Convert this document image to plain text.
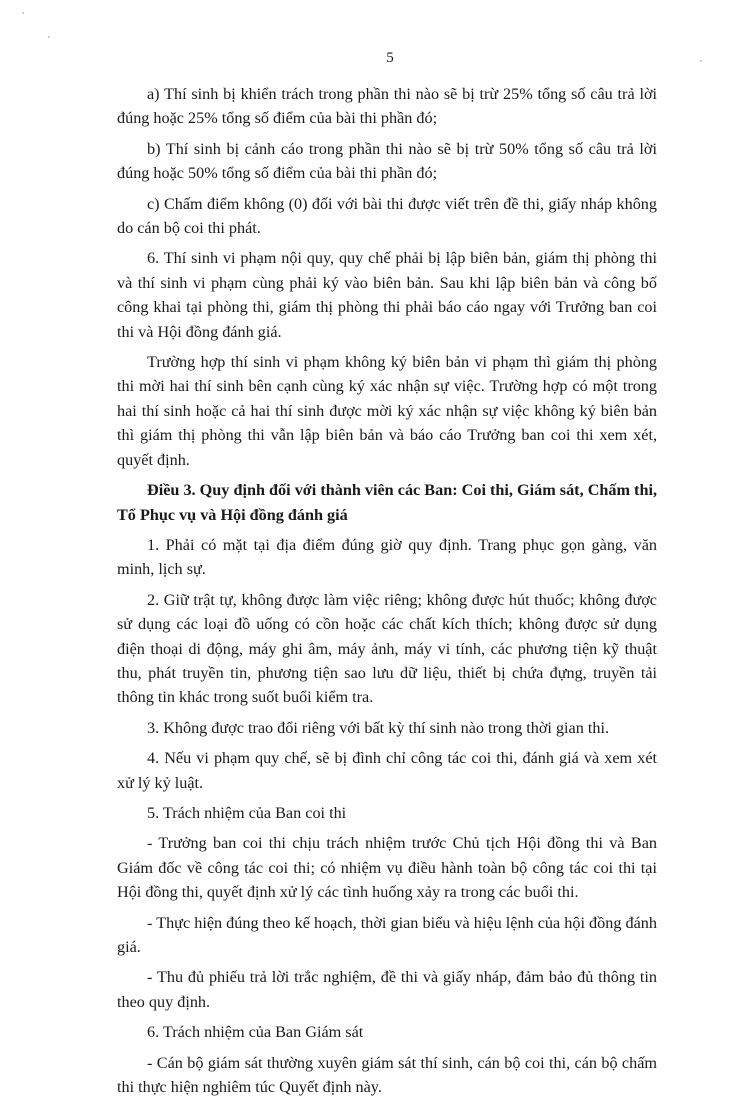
5

a) Thí sinh bị khiển trách trong phần thi nào sẽ bị trừ 25% tổng số câu trả lời đúng hoặc 25% tổng số điểm của bài thi phần đó;

b) Thí sinh bị cảnh cáo trong phần thi nào sẽ bị trừ 50% tổng số câu trả lời đúng hoặc 50% tổng số điểm của bài thi phần đó;

c) Chấm điểm không (0) đối với bài thi được viết trên đề thi, giấy nháp không do cán bộ coi thi phát.

6. Thí sinh vi phạm nội quy, quy chế phải bị lập biên bản, giám thị phòng thi và thí sinh vi phạm cùng phải ký vào biên bản. Sau khi lập biên bản và công bố công khai tại phòng thi, giám thị phòng thi phải báo cáo ngay với Trưởng ban coi thi và Hội đồng đánh giá.

Trường hợp thí sinh vi phạm không ký biên bản vi phạm thì giám thị phòng thi mời hai thí sinh bên cạnh cùng ký xác nhận sự việc. Trường hợp có một trong hai thí sinh hoặc cả hai thí sinh được mời ký xác nhận sự việc không ký biên bản thì giám thị phòng thi vẫn lập biên bản và báo cáo Trưởng ban coi thi xem xét, quyết định.

Điều 3. Quy định đối với thành viên các Ban: Coi thi, Giám sát, Chấm thi, Tổ Phục vụ và Hội đồng đánh giá

1. Phải có mặt tại địa điểm đúng giờ quy định. Trang phục gọn gàng, văn minh, lịch sự.

2. Giữ trật tự, không được làm việc riêng; không được hút thuốc; không được sử dụng các loại đồ uống có cồn hoặc các chất kích thích; không được sử dụng điện thoại di động, máy ghi âm, máy ảnh, máy vi tính, các phương tiện kỹ thuật thu, phát truyền tin, phương tiện sao lưu dữ liệu, thiết bị chứa đựng, truyền tải thông tin khác trong suốt buổi kiểm tra.

3. Không được trao đổi riêng với bất kỳ thí sinh nào trong thời gian thi.

4. Nếu vi phạm quy chế, sẽ bị đình chỉ công tác coi thi, đánh giá và xem xét xử lý kỷ luật.

5. Trách nhiệm của Ban coi thi

- Trưởng ban coi thi chịu trách nhiệm trước Chủ tịch Hội đồng thi và Ban Giám đốc về công tác coi thi; có nhiệm vụ điều hành toàn bộ công tác coi thi tại Hội đồng thi, quyết định xử lý các tình huống xảy ra trong các buổi thi.

- Thực hiện đúng theo kế hoạch, thời gian biểu và hiệu lệnh của hội đồng đánh giá.

- Thu đủ phiếu trả lời trắc nghiệm, đề thi và giấy nháp, đảm bảo đủ thông tin theo quy định.

6. Trách nhiệm của Ban Giám sát

- Cán bộ giám sát thường xuyên giám sát thí sinh, cán bộ coi thi, cán bộ chấm thi thực hiện nghiêm túc Quyết định này.
